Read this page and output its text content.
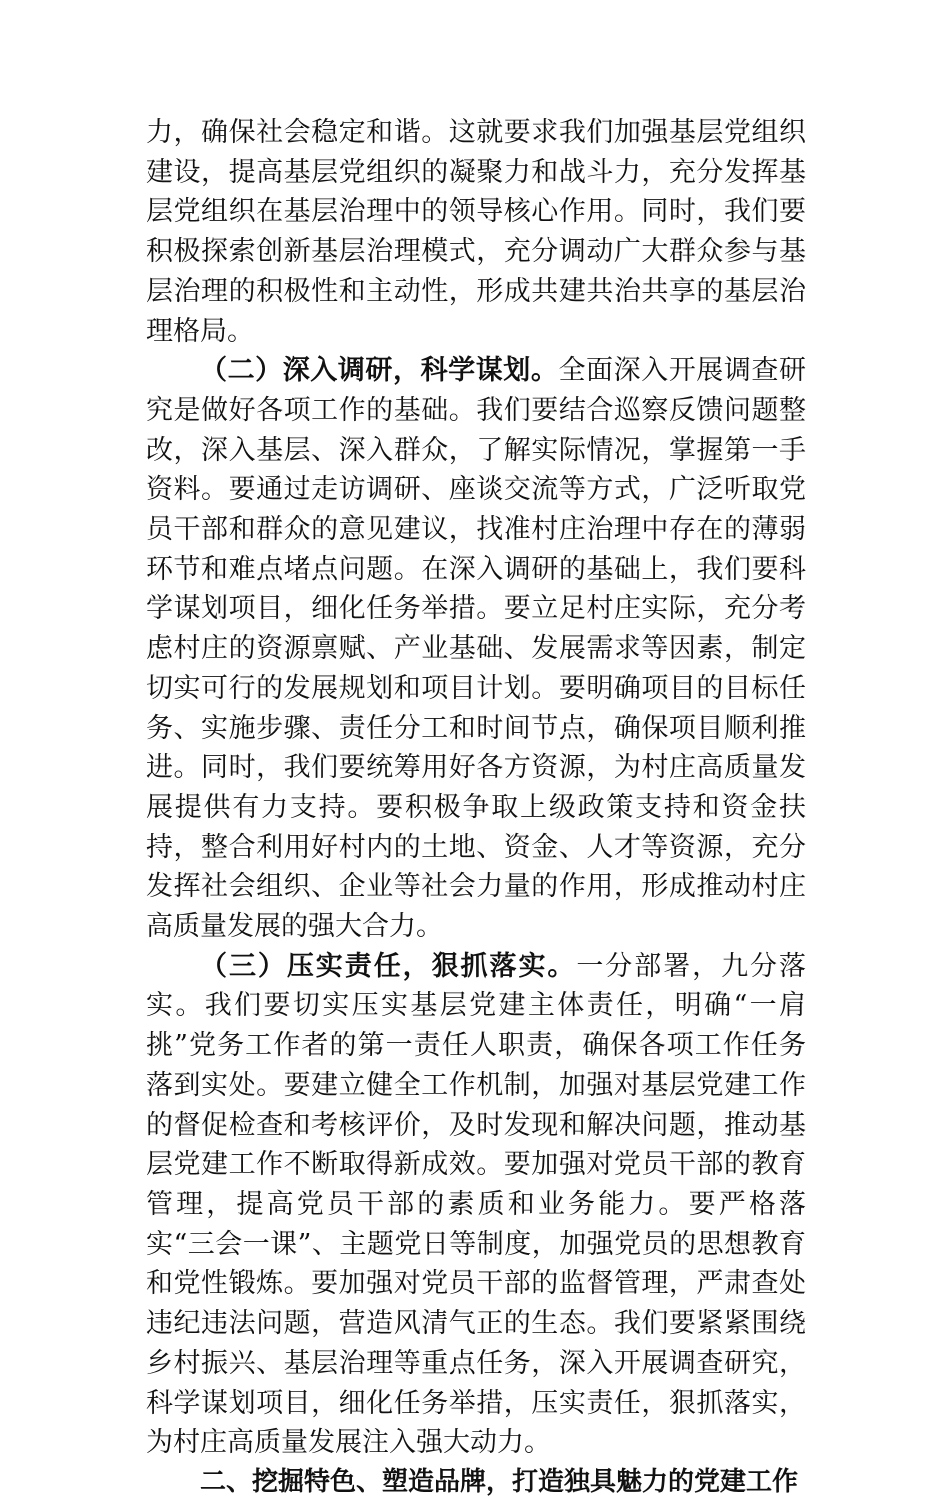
力，确保社会稳定和谐。这就要求我们加强基层党组织建设，提高基层党组织的凝聚力和战斗力，充分发挥基层党组织在基层治理中的领导核心作用。同时，我们要积极探索创新基层治理模式，充分调动广大群众参与基层治理的积极性和主动性，形成共建共治共享的基层治理格局。

（二）深入调研，科学谋划。全面深入开展调查研究是做好各项工作的基础。我们要结合巡察反馈问题整改，深入基层、深入群众，了解实际情况，掌握第一手资料。要通过走访调研、座谈交流等方式，广泛听取党员干部和群众的意见建议，找准村庄治理中存在的薄弱环节和难点堵点问题。在深入调研的基础上，我们要科学谋划项目，细化任务举措。要立足村庄实际，充分考虑村庄的资源禀赋、产业基础、发展需求等因素，制定切实可行的发展规划和项目计划。要明确项目的目标任务、实施步骤、责任分工和时间节点，确保项目顺利推进。同时，我们要统筹用好各方资源，为村庄高质量发展提供有力支持。要积极争取上级政策支持和资金扶持，整合利用好村内的土地、资金、人才等资源，充分发挥社会组织、企业等社会力量的作用，形成推动村庄高质量发展的强大合力。

（三）压实责任，狠抓落实。一分部署，九分落实。我们要切实压实基层党建主体责任，明确“一肩挑”党务工作者的第一责任人职责，确保各项工作任务落到实处。要建立健全工作机制，加强对基层党建工作的督促检查和考核评价，及时发现和解决问题，推动基层党建工作不断取得新成效。要加强对党员干部的教育管理，提高党员干部的素质和业务能力。要严格落实“三会一课”、主题党日等制度，加强党员的思想教育和党性锻炼。要加强对党员干部的监督管理，严肃查处违纪违法问题，营造风清气正的生态。我们要紧紧围绕乡村振兴、基层治理等重点任务，深入开展调查研究，科学谋划项目，细化任务举措，压实责任，狠抓落实，为村庄高质量发展注入强大动力。

二、挖掘特色、塑造品牌，打造独具魅力的党建工作
